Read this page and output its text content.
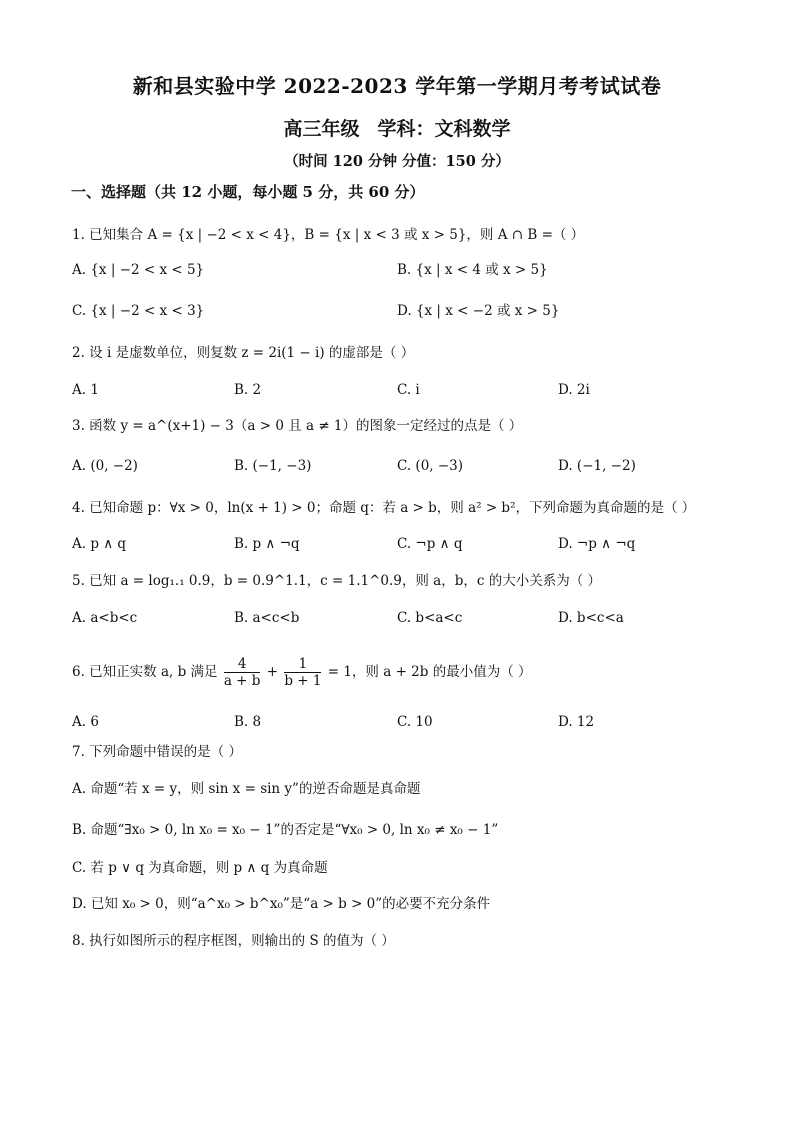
新和县实验中学 2022-2023 学年第一学期月考考试试卷
高三年级 学科：文科数学
（时间 120 分钟 分值：150 分）
一、选择题（共 12 小题，每小题 5 分，共 60 分）
1. 已知集合 A = {x | −2 < x < 4}，B = {x | x < 3 或 x > 5}，则 A ∩ B =（ ）
A. {x | −2 < x < 5}	B. {x | x < 4 或 x > 5}
C. {x | −2 < x < 3}	D. {x | x < −2 或 x > 5}
2. 设 i 是虚数单位，则复数 z = 2i(1 − i) 的虚部是（ ）
A. 1	B. 2	C. i	D. 2i
3. 函数 y = a^(x+1) − 3（a > 0 且 a ≠ 1）的图象一定经过的点是（ ）
A. (0, −2)	B. (−1, −3)	C. (0, −3)	D. (−1, −2)
4. 已知命题 p：∀x > 0，ln(x + 1) > 0；命题 q：若 a > b，则 a² > b²，下列命题为真命题的是（ ）
A. p ∧ q	B. p ∧ ¬q	C. ¬p ∧ q	D. ¬p ∧ ¬q
5. 已知 a = log₁.₁ 0.9，b = 0.9^1.1，c = 1.1^0.9，则 a，b，c 的大小关系为（ ）
A. a<b<c	B. a<c<b	C. b<a<c	D. b<c<a
6. 已知正实数 a, b 满足 $\frac{4}{a + b} + \frac{1}{b + 1} = 1$，则 a + 2b 的最小值为（ ）
A. 6	B. 8	C. 10	D. 12
7. 下列命题中错误的是（ ）
A. 命题“若 x = y，则 sin x = sin y”的逆否命题是真命题
B. 命题“∃x₀ > 0, ln x₀ = x₀ − 1”的否定是“∀x₀ > 0, ln x₀ ≠ x₀ − 1”
C. 若 p ∨ q 为真命题，则 p ∧ q 为真命题
D. 已知 x₀ > 0，则“a^x₀ > b^x₀”是“a > b > 0”的必要不充分条件
8. 执行如图所示的程序框图，则输出的 S 的值为（ ）
